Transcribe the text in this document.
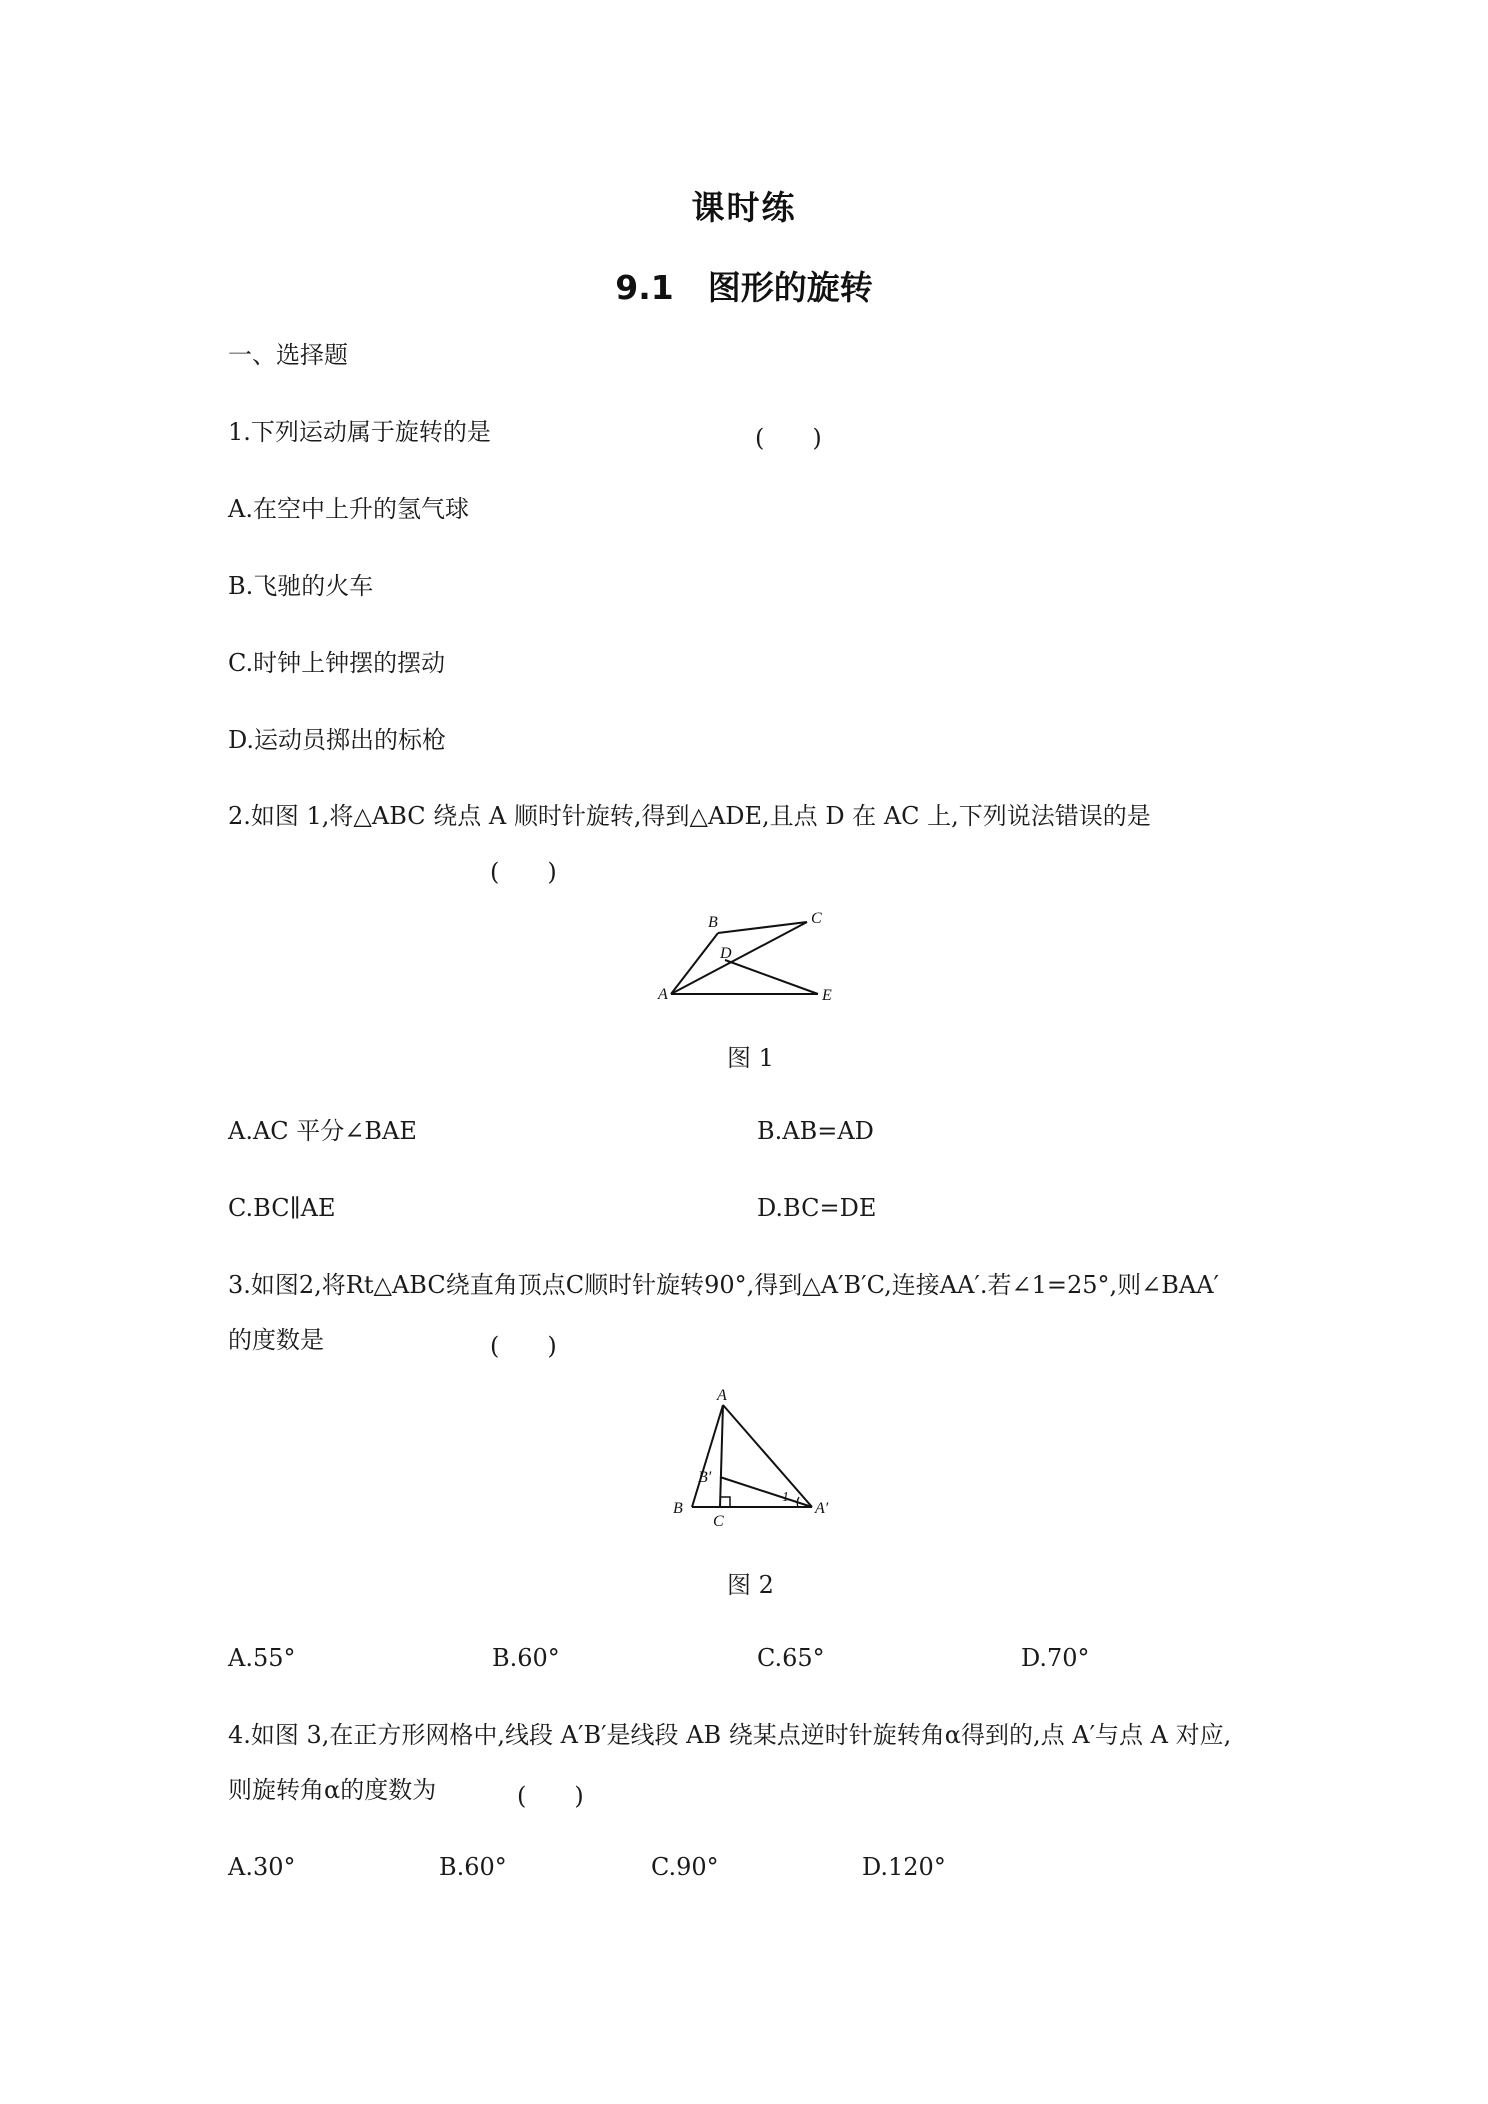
课时练
9.1 图形的旋转
一、选择题
1.下列运动属于旋转的是	(　　)
A.在空中上升的氢气球
B.飞驰的火车
C.时钟上钟摆的摆动
D.运动员掷出的标枪
2.如图 1,将△ABC 绕点 A 顺时针旋转,得到△ADE,且点 D 在 AC 上,下列说法错误的是
(　　)
A
B	C
D
E
图 1
A.AC 平分∠BAE	B.AB=AD
C.BC∥AE	D.BC=DE
3.如图2,将Rt△ABC绕直角顶点C顺时针旋转90°,得到△A′B′C,连接AA′.若∠1=25°,则∠BAA′
的度数是	(　　)
A
B′
B
C
1
A′
图 2
A.55°	B.60°	C.65°	D.70°
4.如图 3,在正方形网格中,线段 A′B′是线段 AB 绕某点逆时针旋转角α得到的,点 A′与点 A 对应,
则旋转角α的度数为	(　　)
A.30°	B.60°	C.90°	D.120°
